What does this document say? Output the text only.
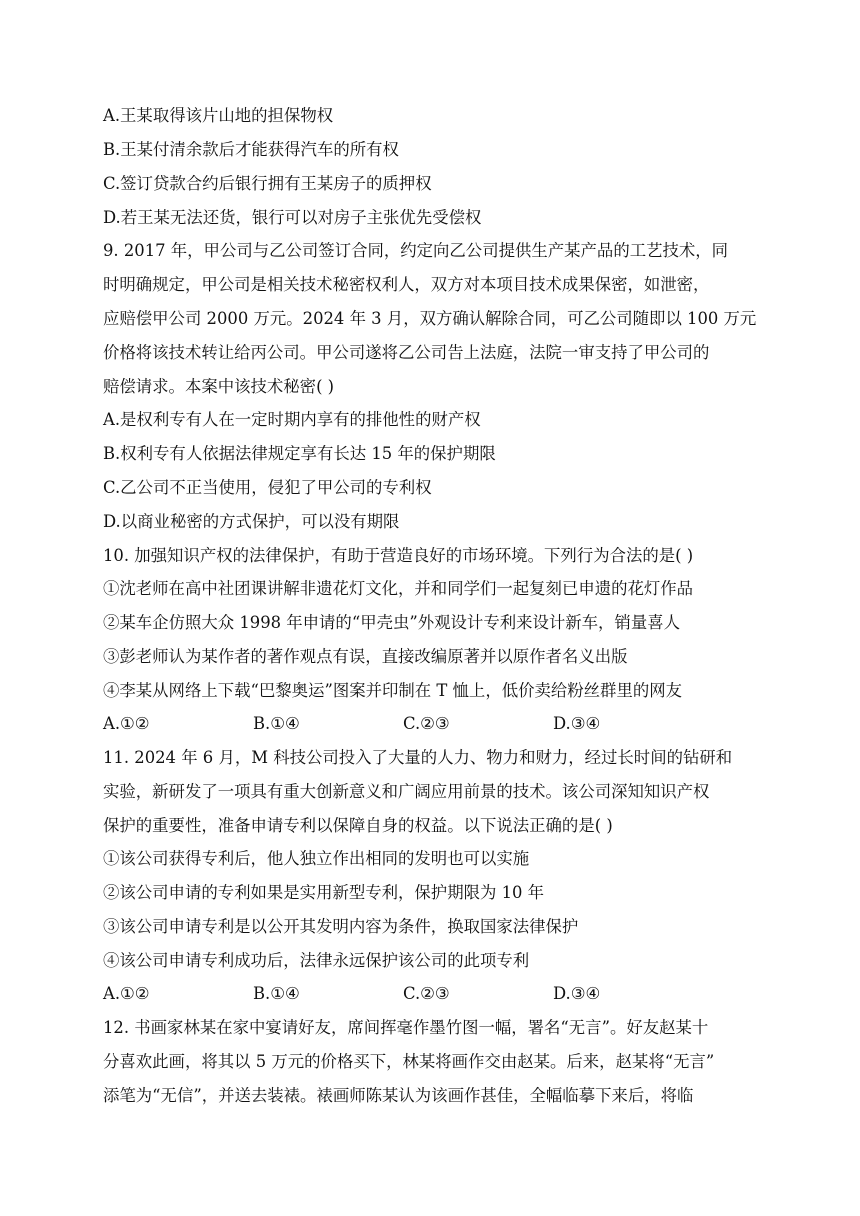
A.王某取得该片山地的担保物权
B.王某付清余款后才能获得汽车的所有权
C.签订贷款合约后银行拥有王某房子的质押权
D.若王某无法还货，银行可以对房子主张优先受偿权
9. 2017 年，甲公司与乙公司签订合同，约定向乙公司提供生产某产品的工艺技术，同
时明确规定，甲公司是相关技术秘密权利人，双方对本项目技术成果保密，如泄密，
应赔偿甲公司 2000 万元。2024 年 3 月，双方确认解除合同，可乙公司随即以 100 万元
价格将该技术转让给丙公司。甲公司遂将乙公司告上法庭，法院一审支持了甲公司的
赔偿请求。本案中该技术秘密( )
A.是权利专有人在一定时期内享有的排他性的财产权
B.权利专有人依据法律规定享有长达 15 年的保护期限
C.乙公司不正当使用，侵犯了甲公司的专利权
D.以商业秘密的方式保护，可以没有期限
10. 加强知识产权的法律保护，有助于营造良好的市场环境。下列行为合法的是( )
①沈老师在高中社团课讲解非遗花灯文化，并和同学们一起复刻已申遗的花灯作品
②某车企仿照大众 1998 年申请的“甲壳虫”外观设计专利来设计新车，销量喜人
③彭老师认为某作者的著作观点有误，直接改编原著并以原作者名义出版
④李某从网络上下载“巴黎奥运”图案并印制在 T 恤上，低价卖给粉丝群里的网友
A.①②	B.①④	C.②③	D.③④
11. 2024 年 6 月，M 科技公司投入了大量的人力、物力和财力，经过长时间的钻研和
实验，新研发了一项具有重大创新意义和广阔应用前景的技术。该公司深知知识产权
保护的重要性，准备申请专利以保障自身的权益。以下说法正确的是( )
①该公司获得专利后，他人独立作出相同的发明也可以实施
②该公司申请的专利如果是实用新型专利，保护期限为 10 年
③该公司申请专利是以公开其发明内容为条件，换取国家法律保护
④该公司申请专利成功后，法律永远保护该公司的此项专利
A.①②	B.①④	C.②③	D.③④
12. 书画家林某在家中宴请好友，席间挥毫作墨竹图一幅，署名“无言”。好友赵某十
分喜欢此画，将其以 5 万元的价格买下，林某将画作交由赵某。后来，赵某将“无言”
添笔为“无信”，并送去装裱。裱画师陈某认为该画作甚佳，全幅临摹下来后，将临
